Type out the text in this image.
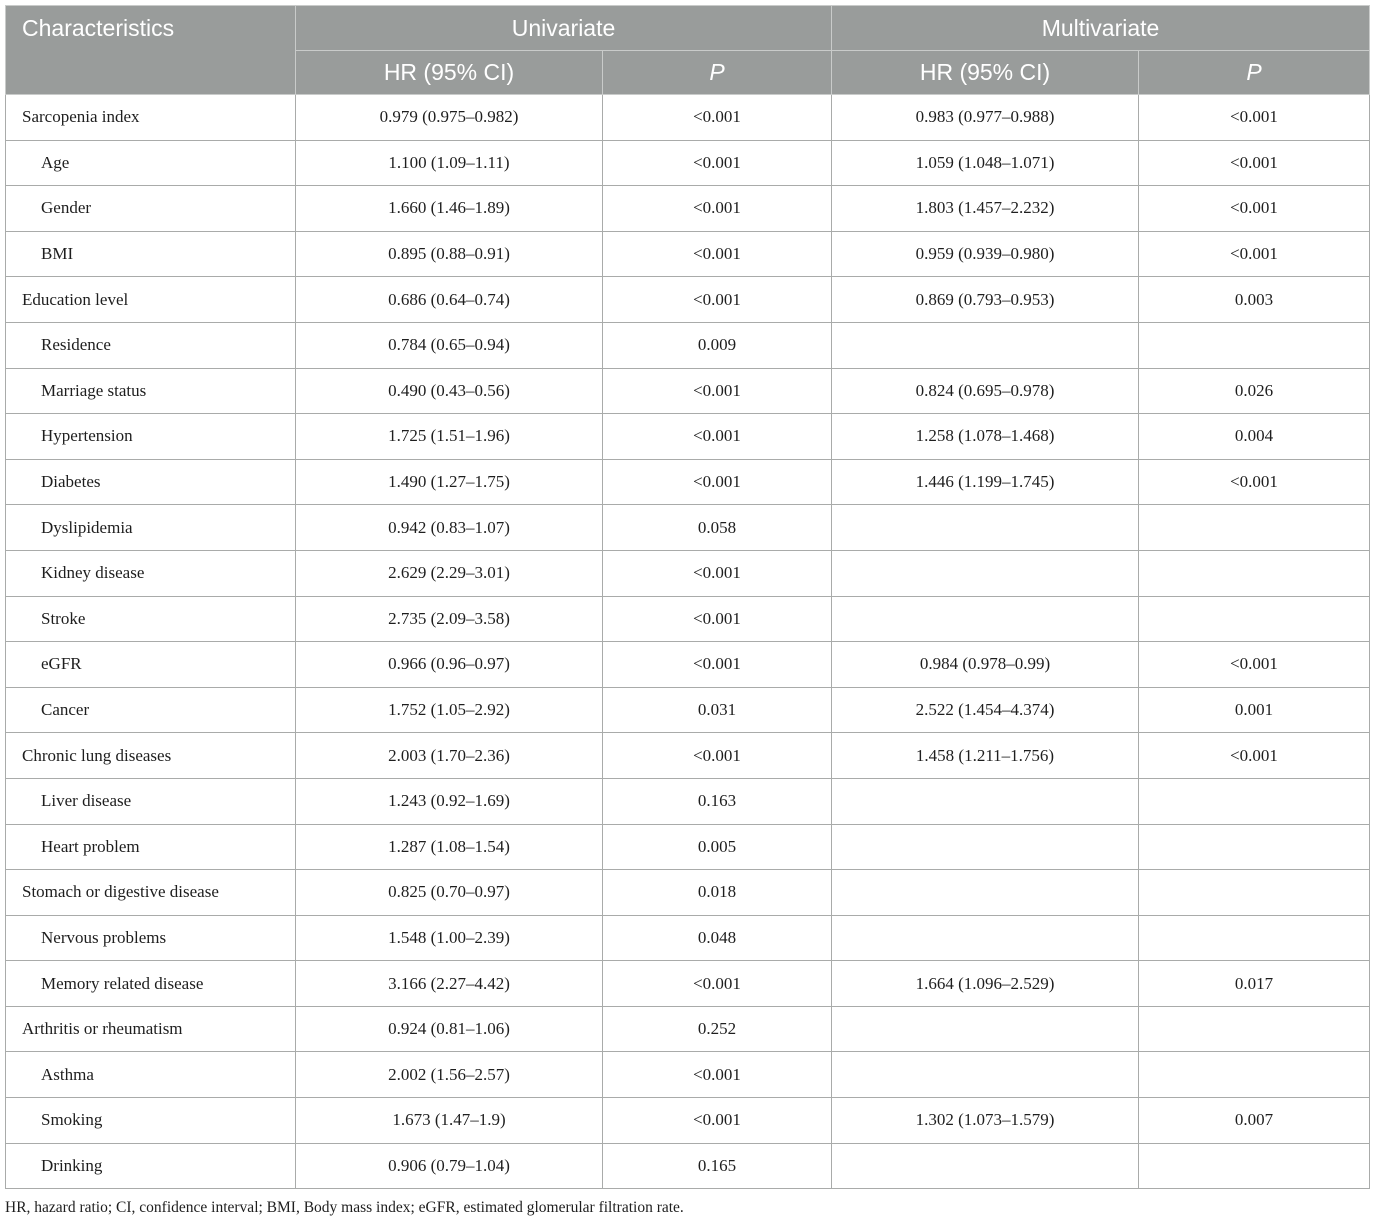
Characteristics	Univariate		Multivariate	
	HR (95% CI)	P	HR (95% CI)	P
Sarcopenia index	0.979 (0.975–0.982)	<0.001	0.983 (0.977–0.988)	<0.001
Age	1.100 (1.09–1.11)	<0.001	1.059 (1.048–1.071)	<0.001
Gender	1.660 (1.46–1.89)	<0.001	1.803 (1.457–2.232)	<0.001
BMI	0.895 (0.88–0.91)	<0.001	0.959 (0.939–0.980)	<0.001
Education level	0.686 (0.64–0.74)	<0.001	0.869 (0.793–0.953)	0.003
Residence	0.784 (0.65–0.94)	0.009		
Marriage status	0.490 (0.43–0.56)	<0.001	0.824 (0.695–0.978)	0.026
Hypertension	1.725 (1.51–1.96)	<0.001	1.258 (1.078–1.468)	0.004
Diabetes	1.490 (1.27–1.75)	<0.001	1.446 (1.199–1.745)	<0.001
Dyslipidemia	0.942 (0.83–1.07)	0.058		
Kidney disease	2.629 (2.29–3.01)	<0.001		
Stroke	2.735 (2.09–3.58)	<0.001		
eGFR	0.966 (0.96–0.97)	<0.001	0.984 (0.978–0.99)	<0.001
Cancer	1.752 (1.05–2.92)	0.031	2.522 (1.454–4.374)	0.001
Chronic lung diseases	2.003 (1.70–2.36)	<0.001	1.458 (1.211–1.756)	<0.001
Liver disease	1.243 (0.92–1.69)	0.163		
Heart problem	1.287 (1.08–1.54)	0.005		
Stomach or digestive disease	0.825 (0.70–0.97)	0.018		
Nervous problems	1.548 (1.00–2.39)	0.048		
Memory related disease	3.166 (2.27–4.42)	<0.001	1.664 (1.096–2.529)	0.017
Arthritis or rheumatism	0.924 (0.81–1.06)	0.252		
Asthma	2.002 (1.56–2.57)	<0.001		
Smoking	1.673 (1.47–1.9)	<0.001	1.302 (1.073–1.579)	0.007
Drinking	0.906 (0.79–1.04)	0.165		
HR, hazard ratio; CI, confidence interval; BMI, Body mass index; eGFR, estimated glomerular filtration rate.
